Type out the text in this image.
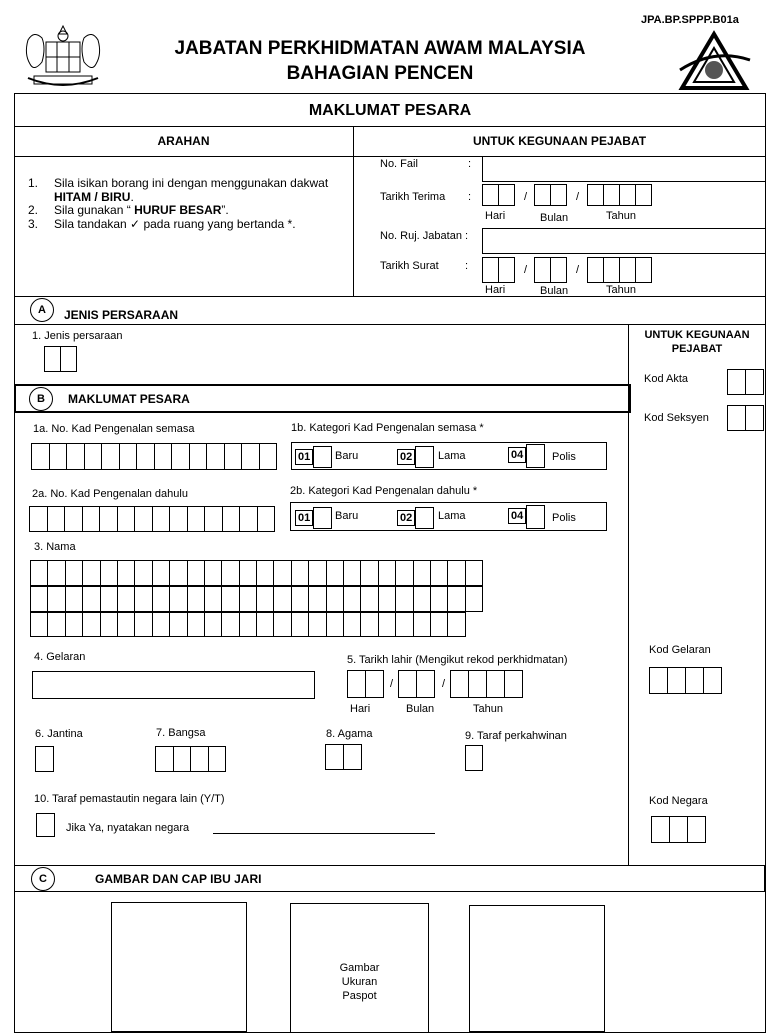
JPA.BP.SPPP.B01a
JABATAN PERKHIDMATAN AWAM MALAYSIA
BAHAGIAN PENCEN
MAKLUMAT PESARA
ARAHAN	UNTUK KEGUNAAN PEJABAT
1. Sila isikan borang ini dengan menggunakan dakwat
HITAM / BIRU.
2. Sila gunakan “ HURUF BESAR”.
3. Sila tandakan ✓ pada ruang yang bertanda *.
No. Fail	:
Tarikh Terima :	/	/
Hari	Bulan	Tahun
No. Ruj. Jabatan :
Tarikh Surat :	/	/
Hari	Bulan	Tahun
A	JENIS PERSARAAN
1. Jenis persaraan	UNTUK KEGUNAAN
PEJABAT
Kod Akta
Kod Seksyen
Kod Gelaran
Kod Negara
B	MAKLUMAT PESARA
1a. No. Kad Pengenalan semasa	1b. Kategori Kad Pengenalan semasa *
01 Baru	02 Lama	04	Polis
2a. No. Kad Pengenalan dahulu	2b. Kategori Kad Pengenalan dahulu *
01 Baru	02 Lama	04	Polis
3. Nama
4. Gelaran	5. Tarikh lahir (Mengikut rekod perkhidmatan)
/	/
Hari	Bulan	Tahun
6. Jantina	7. Bangsa	8. Agama	9. Taraf perkahwinan
10. Taraf pemastautin negara lain (Y/T)
Jika Ya, nyatakan negara
C	GAMBAR DAN CAP IBU JARI
Gambar
Ukuran
Paspot
